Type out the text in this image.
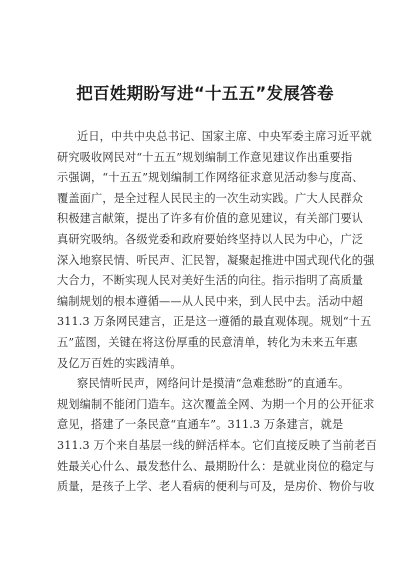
把百姓期盼写进“十五五”发展答卷
近日，中共中央总书记、国家主席、中央军委主席习近平就
研究吸收网民对“十五五”规划编制工作意见建议作出重要指
示强调，“十五五”规划编制工作网络征求意见活动参与度高、
覆盖面广，是全过程人民民主的一次生动实践。广大人民群众
积极建言献策，提出了许多有价值的意见建议，有关部门要认
真研究吸纳。各级党委和政府要始终坚持以人民为中心，广泛
深入地察民情、听民声、汇民智，凝聚起推进中国式现代化的强
大合力，不断实现人民对美好生活的向往。指示指明了高质量
编制规划的根本遵循——从人民中来，到人民中去。活动中超
311.3 万条网民建言，正是这一遵循的最直观体现。规划“十五
五”蓝图，关键在将这份厚重的民意清单，转化为未来五年惠
及亿万百姓的实践清单。
察民情听民声，网络问计是摸清“急难愁盼”的直通车。
规划编制不能闭门造车。这次覆盖全网、为期一个月的公开征求
意见，搭建了一条民意“直通车”。311.3 万条建言，就是
311.3 万个来自基层一线的鲜活样本。它们直接反映了当前老百
姓最关心什么、最发愁什么、最期盼什么：是就业岗位的稳定与
质量，是孩子上学、老人看病的便利与可及，是房价、物价与收
